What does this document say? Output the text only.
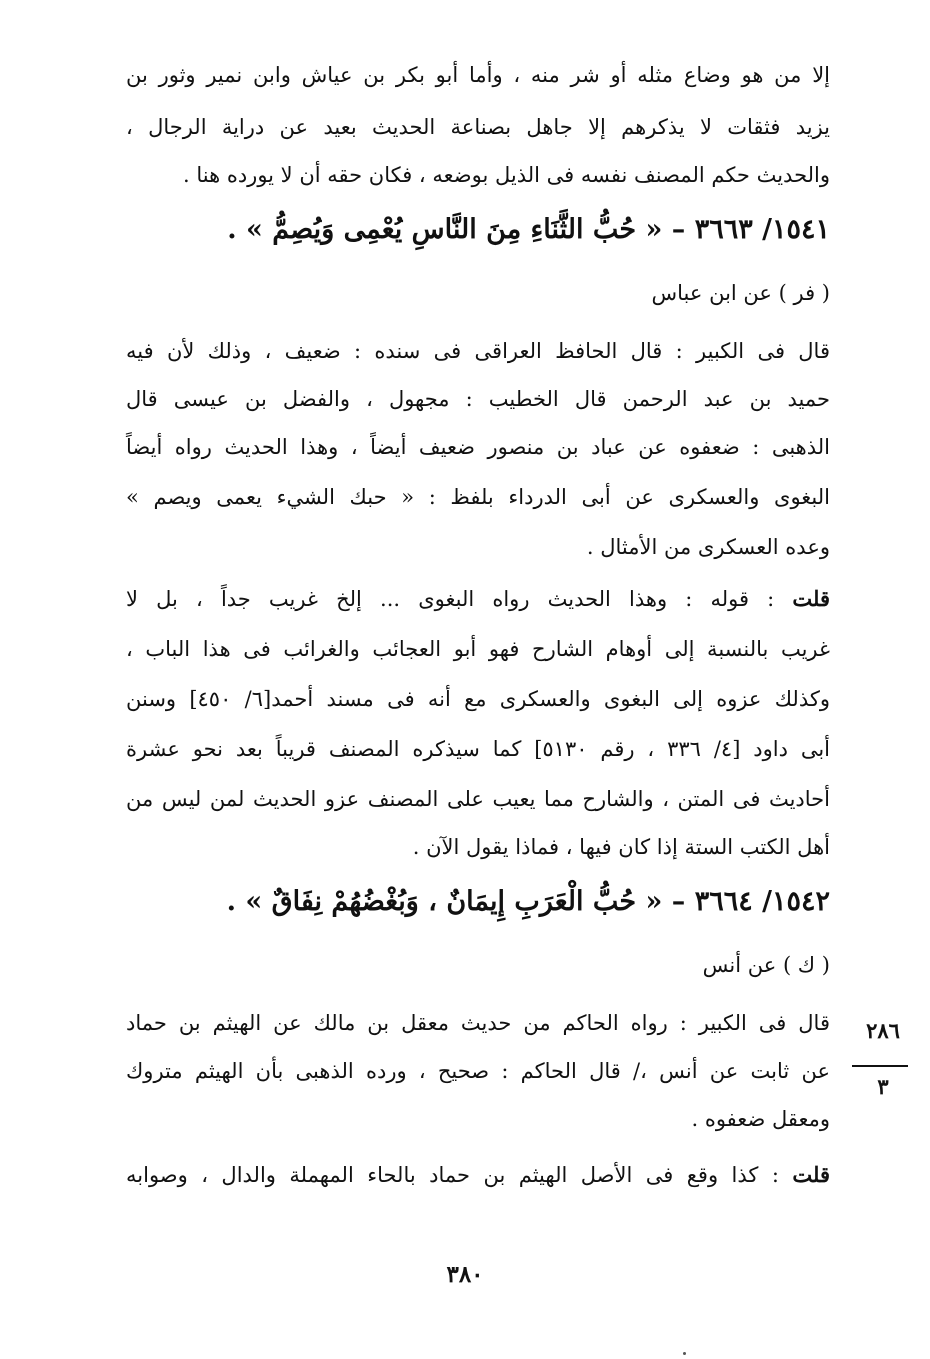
إلا من هو وضاع مثله أو شر منه ، وأما أبو بكر بن عياش وابن نمير وثور بن
يزيد فثقات لا يذكرهم إلا جاهل بصناعة الحديث بعيد عن دراية الرجال ،
والحديث حكم المصنف نفسه فى الذيل بوضعه ، فكان حقه أن لا يورده هنا .
١٥٤١/ ٣٦٦٣ – « حُبُّ الثَّنَاءِ مِنَ النَّاسِ يُعْمِى وَيُصِمُّ » .
( فر ) عن ابن عباس
قال فى الكبير : قال الحافظ العراقى فى سنده : ضعيف ، وذلك لأن فيه
حميد بن عبد الرحمن قال الخطيب : مجهول ، والفضل بن عيسى قال
الذهبى : ضعفوه عن عباد بن منصور ضعيف أيضاً ، وهذا الحديث رواه أيضاً
البغوى والعسكرى عن أبى الدرداء بلفظ : « حبك الشيء يعمى ويصم »
وعده العسكرى من الأمثال .
قلت : قوله : وهذا الحديث رواه البغوى ... إلخ غريب جداً ، بل لا
غريب بالنسبة إلى أوهام الشارح فهو أبو العجائب والغرائب فى هذا الباب ،
وكذلك عزوه إلى البغوى والعسكرى مع أنه فى مسند أحمد[٦/ ٤٥٠] وسنن
أبى داود [٤/ ٣٣٦ ، رقم ٥١٣٠] كما سيذكره المصنف قريباً بعد نحو عشرة
أحاديث فى المتن ، والشارح مما يعيب على المصنف عزو الحديث لمن ليس من
أهل الكتب الستة إذا كان فيها ، فماذا يقول الآن .
١٥٤٢/ ٣٦٦٤ – « حُبُّ الْعَرَبِ إِيمَانٌ ، وَبُغْضُهُمْ نِفَاقٌ » .
( ك ) عن أنس
قال فى الكبير : رواه الحاكم من حديث معقل بن مالك عن الهيثم بن حماد
عن ثابت عن أنس ،/ قال الحاكم : صحيح ، ورده الذهبى بأن الهيثم متروك
ومعقل ضعفوه .
قلت : كذا وقع فى الأصل الهيثم بن حماد بالحاء المهملة والدال ، وصوابه
٢٨٦
٣
٣٨٠
